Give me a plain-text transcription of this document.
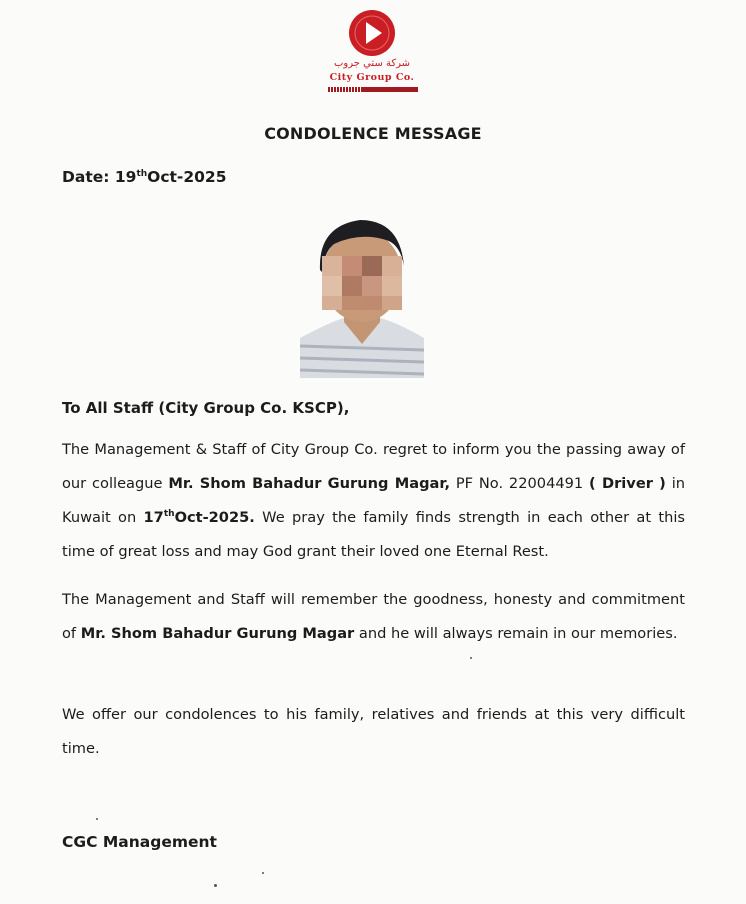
شركة ستي جروب
City Group Co.
CONDOLENCE MESSAGE
Date: 19thOct-2025
To All Staff (City Group Co. KSCP),
The Management & Staff of City Group Co. regret to inform you the passing away of our colleague Mr. Shom Bahadur Gurung Magar, PF No. 22004491 ( Driver ) in Kuwait on 17thOct-2025. We pray the family finds strength in each other at this time of great loss and may God grant their loved one Eternal Rest.
The Management and Staff will remember the goodness, honesty and commitment of Mr. Shom Bahadur Gurung Magar and he will always remain in our memories.
We offer our condolences to his family, relatives and friends at this very difficult time.
CGC Management
